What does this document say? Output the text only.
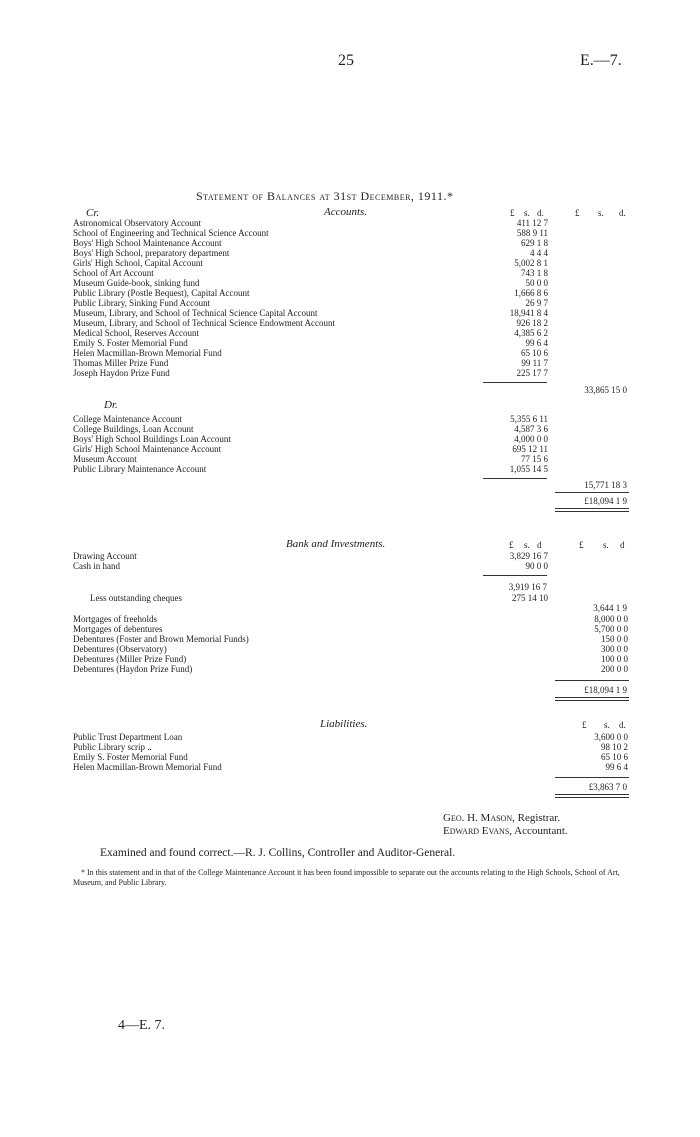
25	E.—7.
Statement of Balances at 31st December, 1911.*
Cr.	Accounts.	£ s. d.	£ s. d.
Astronomical Observatory Account	411 12 7
School of Engineering and Technical Science Account	588 9 11
Boys' High School Maintenance Account	629 1 8
Boys' High School, preparatory department	4 4 4
Girls' High School, Capital Account	5,002 8 1
School of Art Account	743 1 8
Museum Guide-book, sinking fund	50 0 0
Public Library (Postle Bequest), Capital Account	1,666 8 6
Public Library, Sinking Fund Account	26 9 7
Museum, Library, and School of Technical Science Capital Account	18,941 8 4
Museum, Library, and School of Technical Science Endowment Account	926 18 2
Medical School, Reserves Account	4,385 6 2
Emily S. Foster Memorial Fund	99 6 4
Helen Macmillan-Brown Memorial Fund	65 10 6
Thomas Miller Prize Fund	99 11 7
Joseph Haydon Prize Fund	225 17 7
33,865 15 0
Dr.
College Maintenance Account	5,355 6 11
College Buildings, Loan Account	4,587 3 6
Boys' High School Buildings Loan Account	4,000 0 0
Girls' High School Maintenance Account	695 12 11
Museum Account	77 15 6
Public Library Maintenance Account	1,055 14 5
15,771 18 3
£18,094 1 9
Bank and Investments.	£ s. d	£ s. d
Drawing Account	3,829 16 7
Cash in hand	90 0 0
3,919 16 7
Less outstanding cheques	275 14 10
3,644 1 9
Mortgages of freeholds	8,000 0 0
Mortgages of debentures	5,700 0 0
Debentures (Foster and Brown Memorial Funds)	150 0 0
Debentures (Observatory)	300 0 0
Debentures (Miller Prize Fund)	100 0 0
Debentures (Haydon Prize Fund)	200 0 0
£18,094 1 9
Liabilities.	£ s. d.
Public Trust Department Loan	3,600 0 0
Public Library scrip ..	98 10 2
Emily S. Foster Memorial Fund	65 10 6
Helen Macmillan-Brown Memorial Fund	99 6 4
£3,863 7 0
Geo. H. Mason, Registrar.
Edward Evans, Accountant.
Examined and found correct.—R. J. Collins, Controller and Auditor-General.
* In this statement and in that of the College Maintenance Account it has been found impossible to separate out the accounts relating to the High Schools, School of Art, Museum, and Public Library.
4—E. 7.
